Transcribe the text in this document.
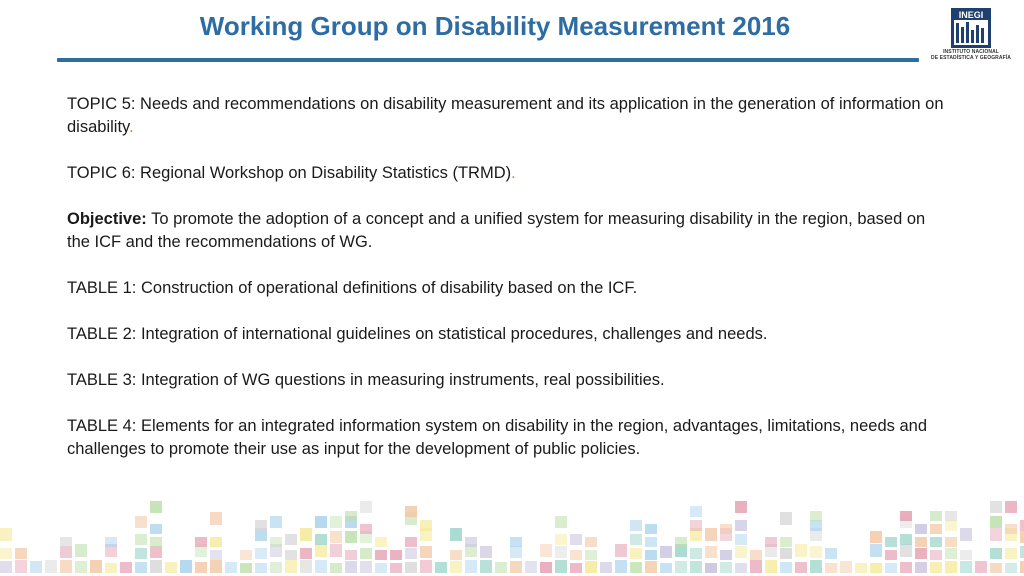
Working Group on Disability Measurement 2016	INEGI
INSTITUTO NACIONAL
DE ESTADÍSTICA Y GEOGRAFÍA

TOPIC 5: Needs and recommendations on disability measurement and its application in the generation of information on disability.

TOPIC 6: Regional Workshop on Disability Statistics (TRMD).

Objective: To promote the adoption of a concept and a unified system for measuring disability in the region, based on the ICF and the recommendations of WG.

TABLE 1: Construction of operational definitions of disability based on the ICF.

TABLE 2: Integration of international guidelines on statistical procedures, challenges and needs.

TABLE 3: Integration of WG questions in measuring instruments, real possibilities.

TABLE 4: Elements for an integrated information system on disability in the region, advantages, limitations, needs and challenges to promote their use as input for the development of public policies.
